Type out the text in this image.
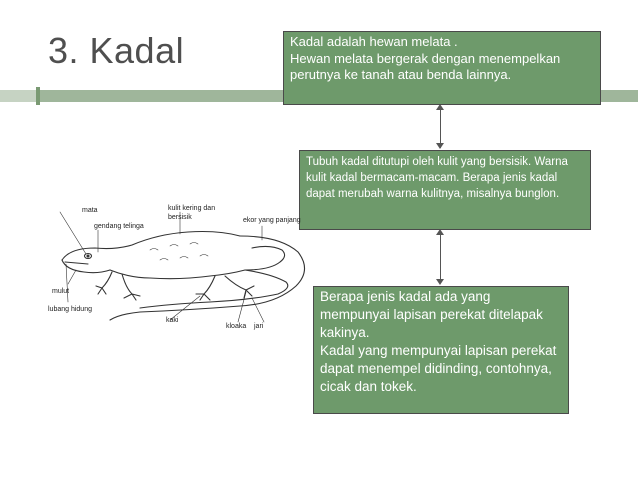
3. Kadal	Kadal adalah hewan melata .
Hewan melata bergerak dengan menempelkan perutnya ke tanah atau benda lainnya.
Tubuh kadal ditutupi oleh kulit yang bersisik. Warna kulit kadal bermacam-macam. Berapa jenis kadal dapat merubah warna kulitnya, misalnya bunglon.
mata
gendang telinga
kulit kering dan bersisik	ekor yang panjang
mulut
lubang hidung
kaki
kloaka jari
Berapa jenis kadal ada yang mempunyai lapisan perekat ditelapak kakinya.
Kadal yang mempunyai lapisan perekat dapat menempel didinding, contohnya, cicak dan tokek.
